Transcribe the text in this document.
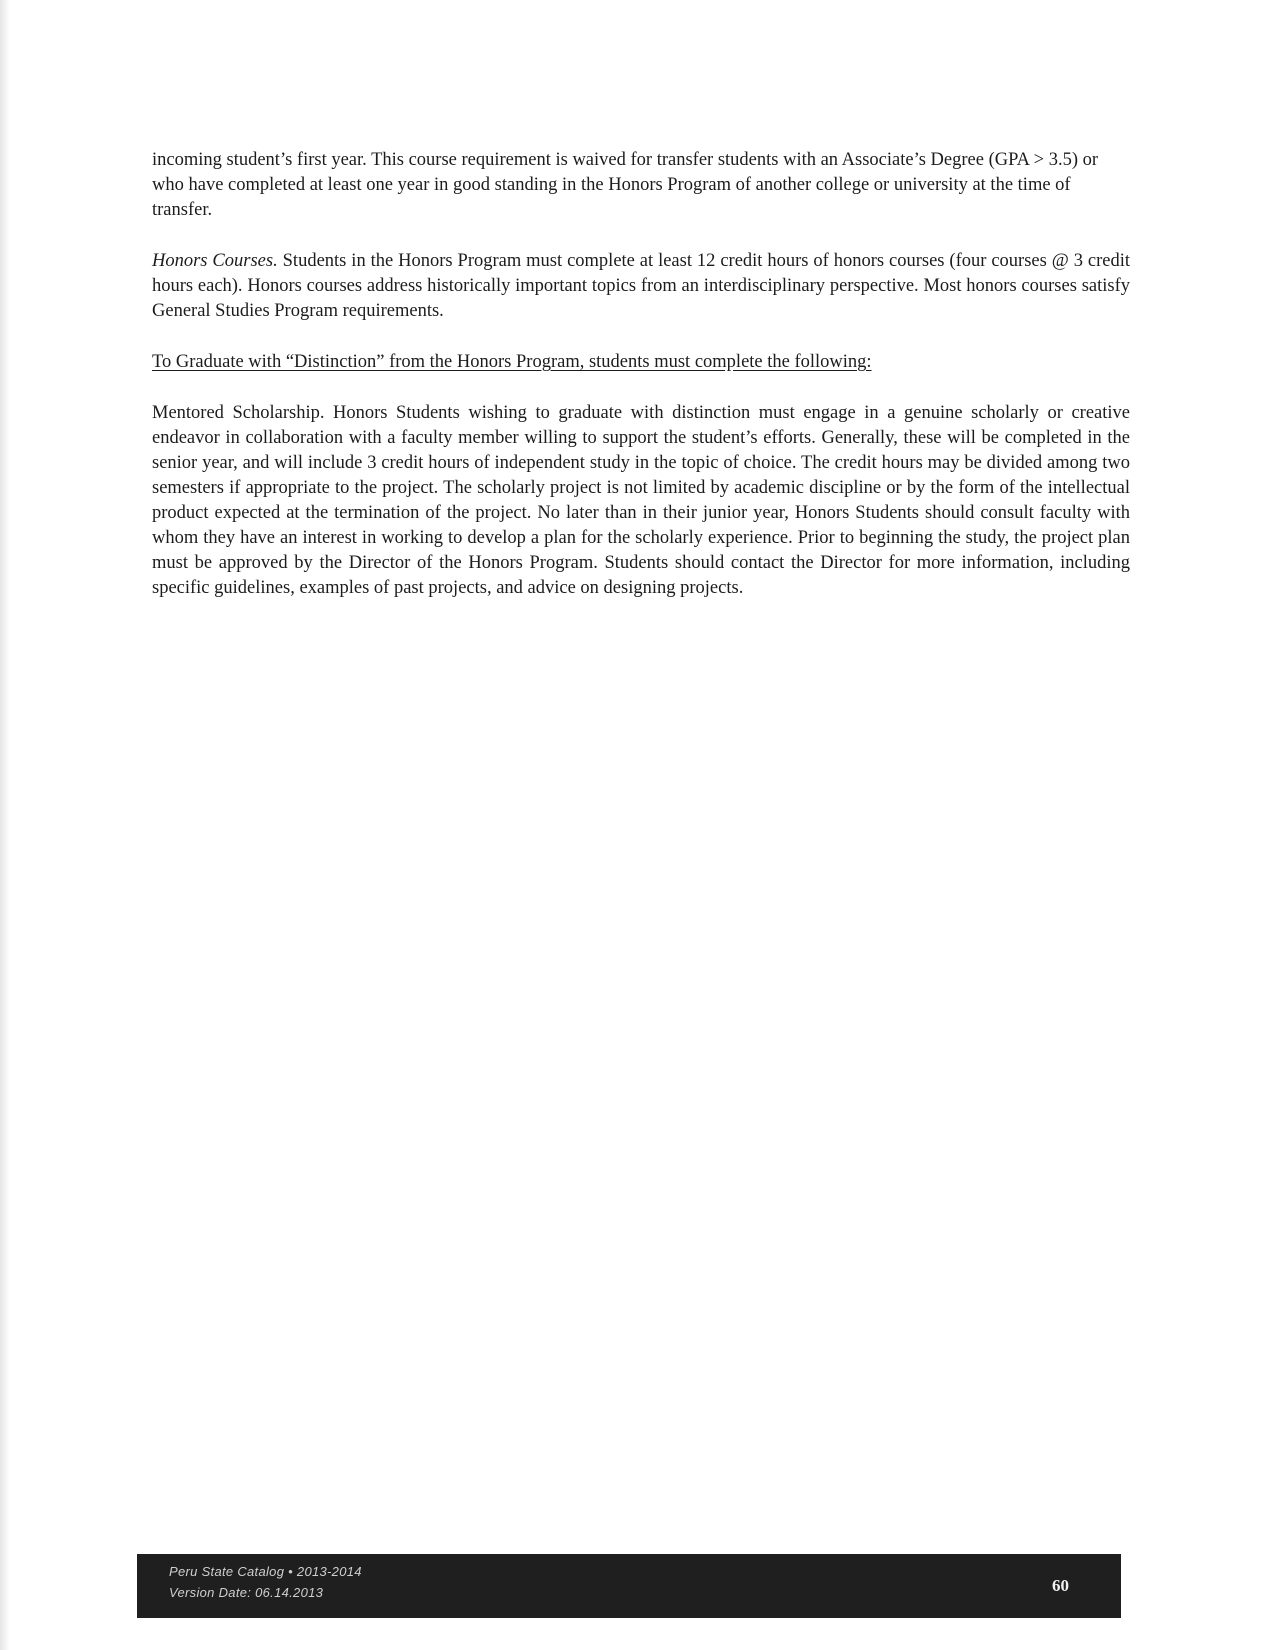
incoming student’s first year. This course requirement is waived for transfer students with an Associate’s Degree (GPA > 3.5) or who have completed at least one year in good standing in the Honors Program of another college or university at the time of transfer.

Honors Courses. Students in the Honors Program must complete at least 12 credit hours of honors courses (four courses @ 3 credit hours each). Honors courses address historically important topics from an interdisciplinary perspective. Most honors courses satisfy General Studies Program requirements.

To Graduate with “Distinction” from the Honors Program, students must complete the following:

Mentored Scholarship. Honors Students wishing to graduate with distinction must engage in a genuine scholarly or creative endeavor in collaboration with a faculty member willing to support the student’s efforts. Generally, these will be completed in the senior year, and will include 3 credit hours of independent study in the topic of choice. The credit hours may be divided among two semesters if appropriate to the project. The scholarly project is not limited by academic discipline or by the form of the intellectual product expected at the termination of the project. No later than in their junior year, Honors Students should consult faculty with whom they have an interest in working to develop a plan for the scholarly experience. Prior to beginning the study, the project plan must be approved by the Director of the Honors Program. Students should contact the Director for more information, including specific guidelines, examples of past projects, and advice on designing projects.

Peru State Catalog • 2013-2014
Version Date: 06.14.2013	60
